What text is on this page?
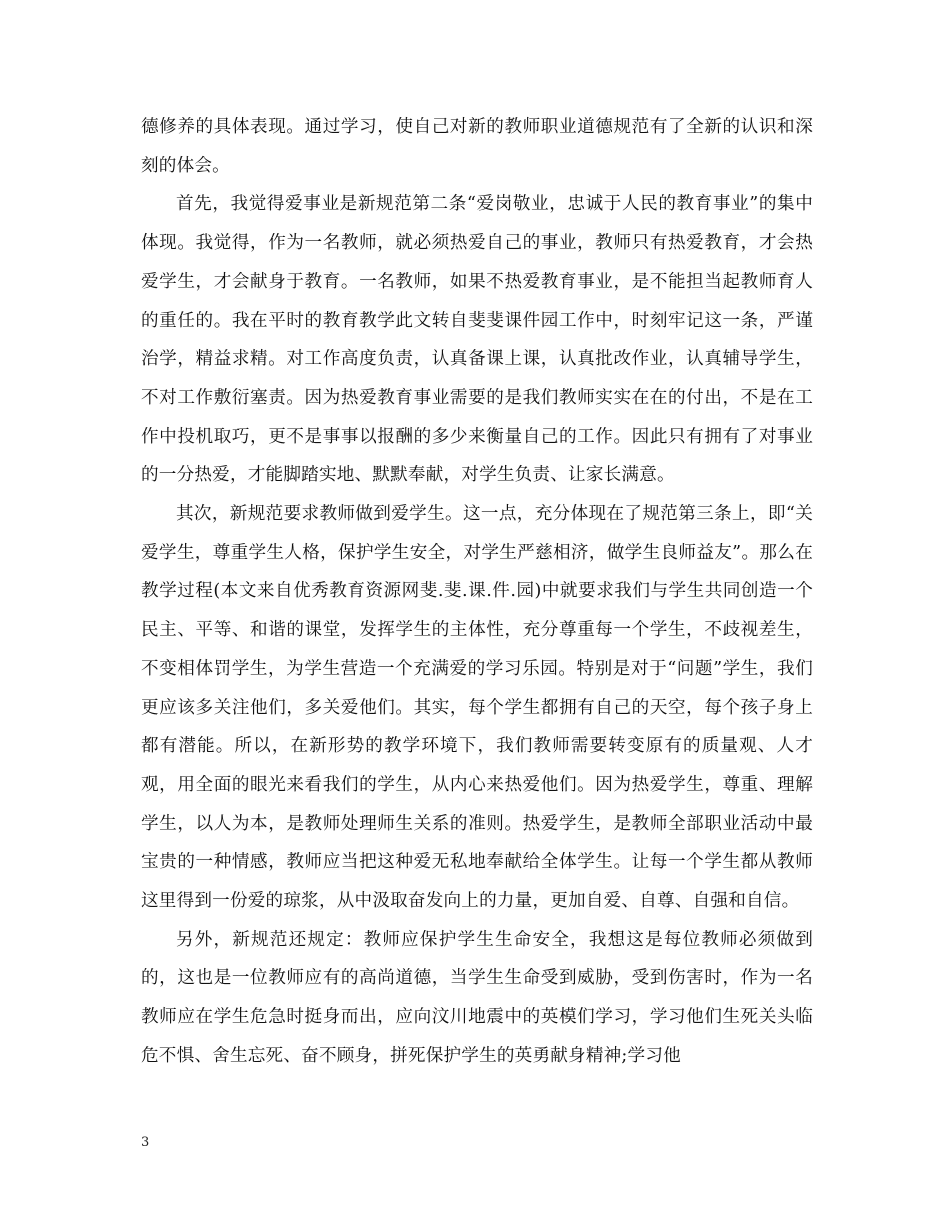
德修养的具体表现。通过学习，使自己对新的教师职业道德规范有了全新的认识和深刻的体会。

首先，我觉得爱事业是新规范第二条“爱岗敬业，忠诚于人民的教育事业”的集中体现。我觉得，作为一名教师，就必须热爱自己的事业，教师只有热爱教育，才会热爱学生，才会献身于教育。一名教师，如果不热爱教育事业，是不能担当起教师育人的重任的。我在平时的教育教学此文转自斐斐课件园工作中，时刻牢记这一条，严谨治学，精益求精。对工作高度负责，认真备课上课，认真批改作业，认真辅导学生，不对工作敷衍塞责。因为热爱教育事业需要的是我们教师实实在在的付出，不是在工作中投机取巧，更不是事事以报酬的多少来衡量自己的工作。因此只有拥有了对事业的一分热爱，才能脚踏实地、默默奉献，对学生负责、让家长满意。

其次，新规范要求教师做到爱学生。这一点，充分体现在了规范第三条上，即“关爱学生，尊重学生人格，保护学生安全，对学生严慈相济，做学生良师益友”。那么在教学过程(本文来自优秀教育资源网斐.斐.课.件.园)中就要求我们与学生共同创造一个民主、平等、和谐的课堂，发挥学生的主体性，充分尊重每一个学生，不歧视差生，不变相体罚学生，为学生营造一个充满爱的学习乐园。特别是对于“问题”学生，我们更应该多关注他们，多关爱他们。其实，每个学生都拥有自己的天空，每个孩子身上都有潜能。所以，在新形势的教学环境下，我们教师需要转变原有的质量观、人才观，用全面的眼光来看我们的学生，从内心来热爱他们。因为热爱学生，尊重、理解学生，以人为本，是教师处理师生关系的准则。热爱学生，是教师全部职业活动中最宝贵的一种情感，教师应当把这种爱无私地奉献给全体学生。让每一个学生都从教师这里得到一份爱的琼浆，从中汲取奋发向上的力量，更加自爱、自尊、自强和自信。

另外，新规范还规定：教师应保护学生生命安全，我想这是每位教师必须做到的，这也是一位教师应有的高尚道德，当学生生命受到威胁，受到伤害时，作为一名教师应在学生危急时挺身而出，应向汶川地震中的英模们学习，学习他们生死关头临危不惧、舍生忘死、奋不顾身，拼死保护学生的英勇献身精神;学习他

3
